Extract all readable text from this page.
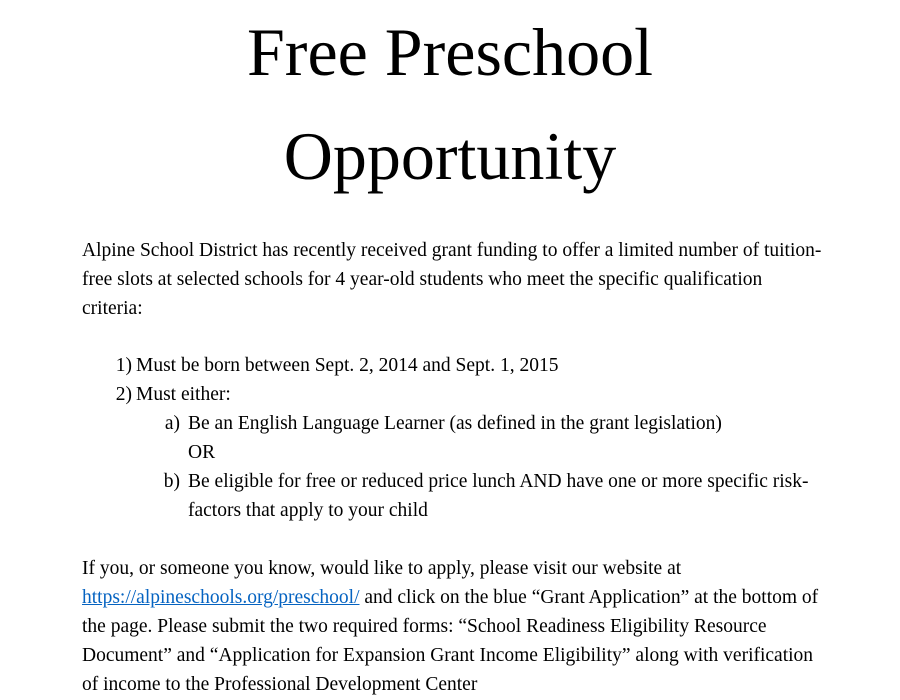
Free Preschool
Opportunity

Alpine School District has recently received grant funding to offer a limited number of tuition-free slots at selected schools for 4 year-old students who meet the specific qualification criteria:

1) Must be born between Sept. 2, 2014 and Sept. 1, 2015
2) Must either:
a) Be an English Language Learner (as defined in the grant legislation)
OR
b) Be eligible for free or reduced price lunch AND have one or more specific risk-factors that apply to your child

If you, or someone you know, would like to apply, please visit our website at https://alpineschools.org/preschool/ and click on the blue “Grant Application” at the bottom of the page. Please submit the two required forms: “School Readiness Eligibility Resource Document” and “Application for Expansion Grant Income Eligibility” along with verification of income to the Professional Development Center
